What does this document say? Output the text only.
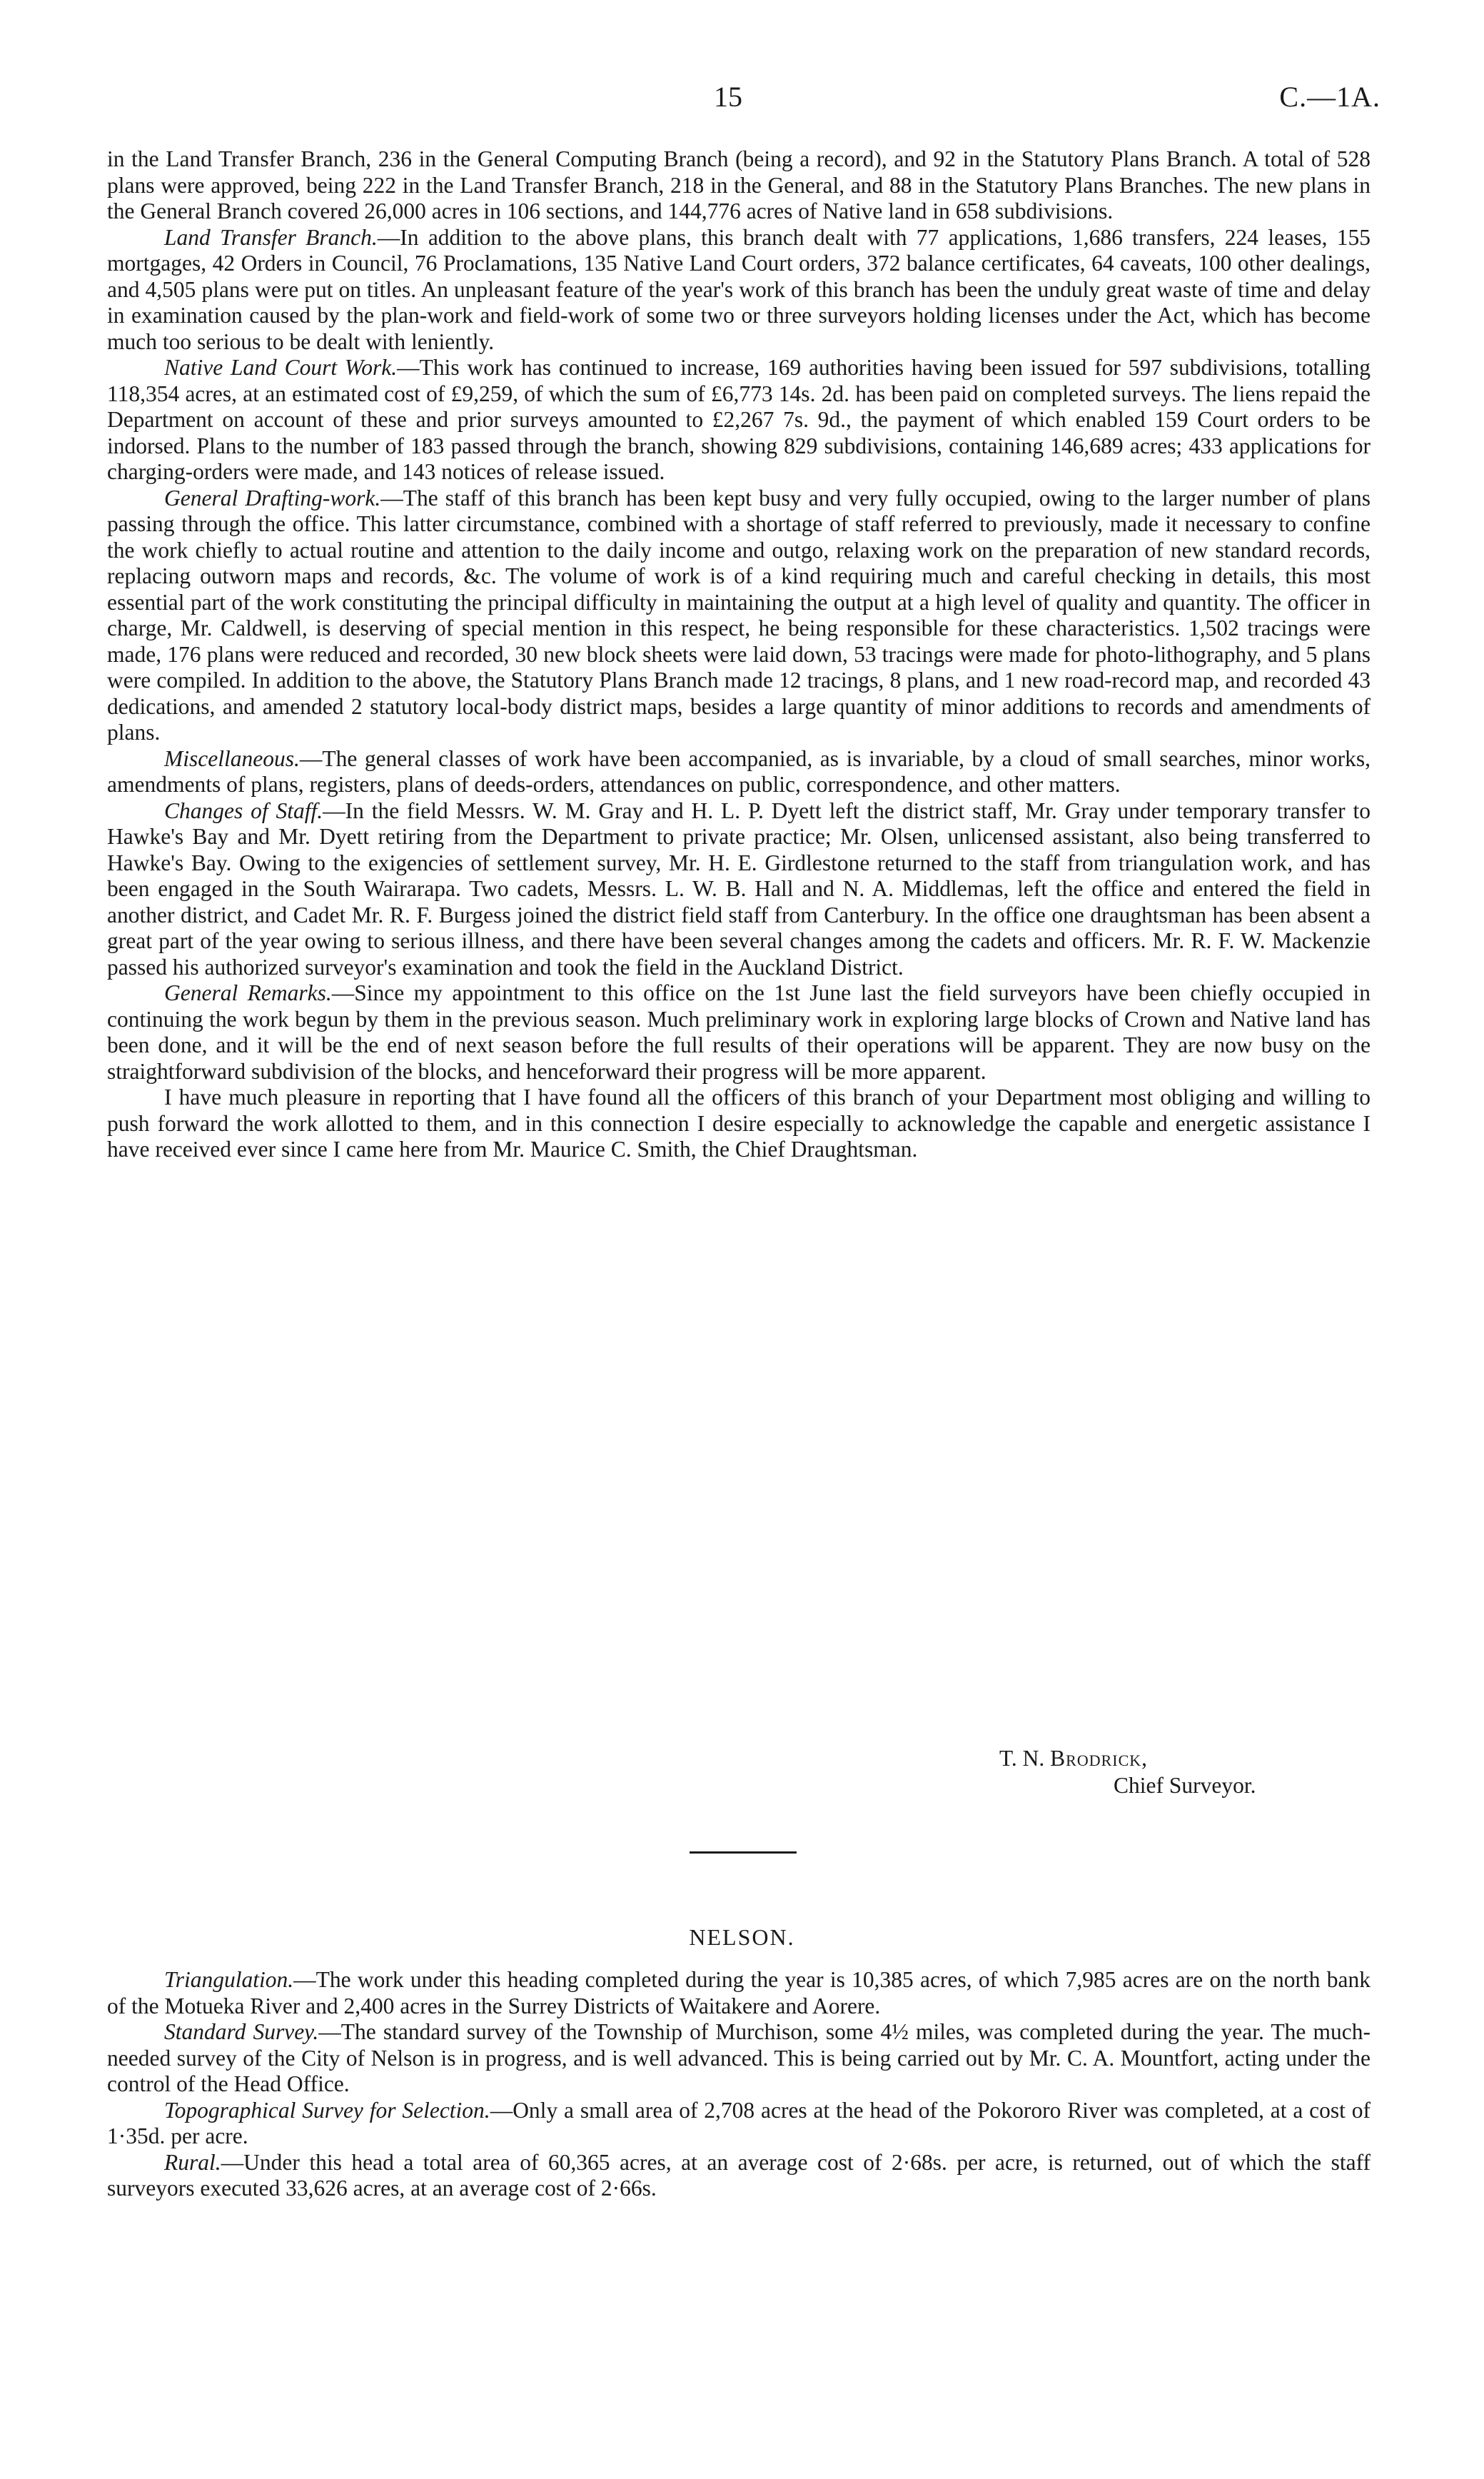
15	C.—1A.

in the Land Transfer Branch, 236 in the General Computing Branch (being a record), and 92 in the Statutory Plans Branch. A total of 528 plans were approved, being 222 in the Land Transfer Branch, 218 in the General, and 88 in the Statutory Plans Branches. The new plans in the General Branch covered 26,000 acres in 106 sections, and 144,776 acres of Native land in 658 subdivisions.

Land Transfer Branch.—In addition to the above plans, this branch dealt with 77 applications, 1,686 transfers, 224 leases, 155 mortgages, 42 Orders in Council, 76 Proclamations, 135 Native Land Court orders, 372 balance certificates, 64 caveats, 100 other dealings, and 4,505 plans were put on titles. An unpleasant feature of the year's work of this branch has been the unduly great waste of time and delay in examination caused by the plan-work and field-work of some two or three surveyors holding licenses under the Act, which has become much too serious to be dealt with leniently.

Native Land Court Work.—This work has continued to increase, 169 authorities having been issued for 597 subdivisions, totalling 118,354 acres, at an estimated cost of £9,259, of which the sum of £6,773 14s. 2d. has been paid on completed surveys. The liens repaid the Department on account of these and prior surveys amounted to £2,267 7s. 9d., the payment of which enabled 159 Court orders to be indorsed. Plans to the number of 183 passed through the branch, showing 829 subdivisions, containing 146,689 acres; 433 applications for charging-orders were made, and 143 notices of release issued.

General Drafting-work.—The staff of this branch has been kept busy and very fully occupied, owing to the larger number of plans passing through the office. This latter circumstance, combined with a shortage of staff referred to previously, made it necessary to confine the work chiefly to actual routine and attention to the daily income and outgo, relaxing work on the preparation of new standard records, replacing outworn maps and records, &c. The volume of work is of a kind requiring much and careful checking in details, this most essential part of the work constituting the principal difficulty in maintaining the output at a high level of quality and quantity. The officer in charge, Mr. Caldwell, is deserving of special mention in this respect, he being responsible for these characteristics. 1,502 tracings were made, 176 plans were reduced and recorded, 30 new block sheets were laid down, 53 tracings were made for photo-lithography, and 5 plans were compiled. In addition to the above, the Statutory Plans Branch made 12 tracings, 8 plans, and 1 new road-record map, and recorded 43 dedications, and amended 2 statutory local-body district maps, besides a large quantity of minor additions to records and amendments of plans.

Miscellaneous.—The general classes of work have been accompanied, as is invariable, by a cloud of small searches, minor works, amendments of plans, registers, plans of deeds-orders, attendances on public, correspondence, and other matters.

Changes of Staff.—In the field Messrs. W. M. Gray and H. L. P. Dyett left the district staff, Mr. Gray under temporary transfer to Hawke's Bay and Mr. Dyett retiring from the Department to private practice; Mr. Olsen, unlicensed assistant, also being transferred to Hawke's Bay. Owing to the exigencies of settlement survey, Mr. H. E. Girdlestone returned to the staff from triangulation work, and has been engaged in the South Wairarapa. Two cadets, Messrs. L. W. B. Hall and N. A. Middlemas, left the office and entered the field in another district, and Cadet Mr. R. F. Burgess joined the district field staff from Canterbury. In the office one draughtsman has been absent a great part of the year owing to serious illness, and there have been several changes among the cadets and officers. Mr. R. F. W. Mackenzie passed his authorized surveyor's examination and took the field in the Auckland District.

General Remarks.—Since my appointment to this office on the 1st June last the field surveyors have been chiefly occupied in continuing the work begun by them in the previous season. Much preliminary work in exploring large blocks of Crown and Native land has been done, and it will be the end of next season before the full results of their operations will be apparent. They are now busy on the straightforward subdivision of the blocks, and henceforward their progress will be more apparent.

I have much pleasure in reporting that I have found all the officers of this branch of your Department most obliging and willing to push forward the work allotted to them, and in this connection I desire especially to acknowledge the capable and energetic assistance I have received ever since I came here from Mr. Maurice C. Smith, the Chief Draughtsman.

T. N. Brodrick,
Chief Surveyor.
NELSON.

Triangulation.—The work under this heading completed during the year is 10,385 acres, of which 7,985 acres are on the north bank of the Motueka River and 2,400 acres in the Surrey Districts of Waitakere and Aorere.

Standard Survey.—The standard survey of the Township of Murchison, some 4½ miles, was completed during the year. The much-needed survey of the City of Nelson is in progress, and is well advanced. This is being carried out by Mr. C. A. Mountfort, acting under the control of the Head Office.

Topographical Survey for Selection.—Only a small area of 2,708 acres at the head of the Pokororo River was completed, at a cost of 1·35d. per acre.

Rural.—Under this head a total area of 60,365 acres, at an average cost of 2·68s. per acre, is returned, out of which the staff surveyors executed 33,626 acres, at an average cost of 2·66s.
